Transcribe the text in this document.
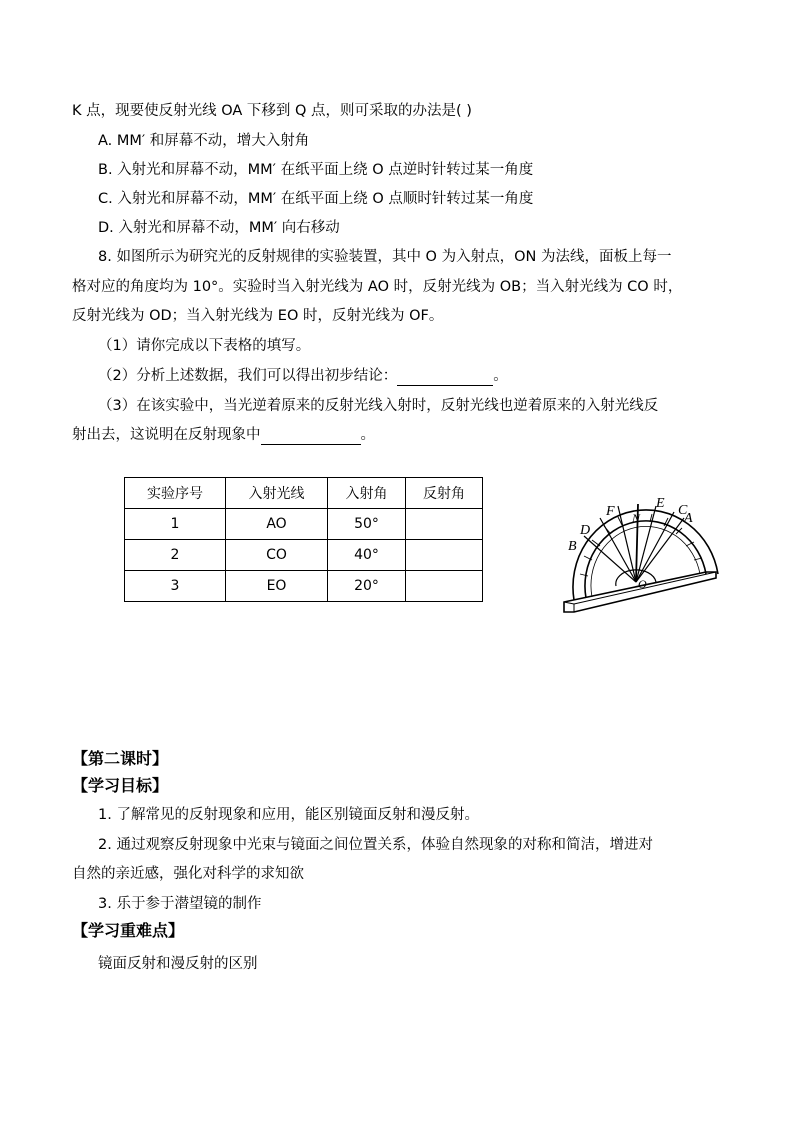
K 点，现要使反射光线 OA 下移到 Q 点，则可采取的办法是( )
A. MM′ 和屏幕不动，增大入射角
B. 入射光和屏幕不动，MM′ 在纸平面上绕 O 点逆时针转过某一角度
C. 入射光和屏幕不动，MM′ 在纸平面上绕 O 点顺时针转过某一角度
D. 入射光和屏幕不动，MM′ 向右移动
8. 如图所示为研究光的反射规律的实验装置，其中 O 为入射点，ON 为法线，面板上每一
格对应的角度均为 10°。实验时当入射光线为 AO 时，反射光线为 OB；当入射光线为 CO 时，
反射光线为 OD；当入射光线为 EO 时，反射光线为 OF。
（1）请你完成以下表格的填写。
（2）分析上述数据，我们可以得出初步结论：	。
（3）在该实验中，当光逆着原来的反射光线入射时，反射光线也逆着原来的入射光线反
射出去，这说明在反射现象中	。
实验序号	入射光线	入射角	反射角
1	AO	50°	
2	CO	40°	
3	EO	20°	
A
B
C
D
E
F N
O
【第二课时】
【学习目标】
1. 了解常见的反射现象和应用，能区别镜面反射和漫反射。
2. 通过观察反射现象中光束与镜面之间位置关系，体验自然现象的对称和简洁，增进对
自然的亲近感，强化对科学的求知欲
3. 乐于参于潜望镜的制作
【学习重难点】
镜面反射和漫反射的区别
